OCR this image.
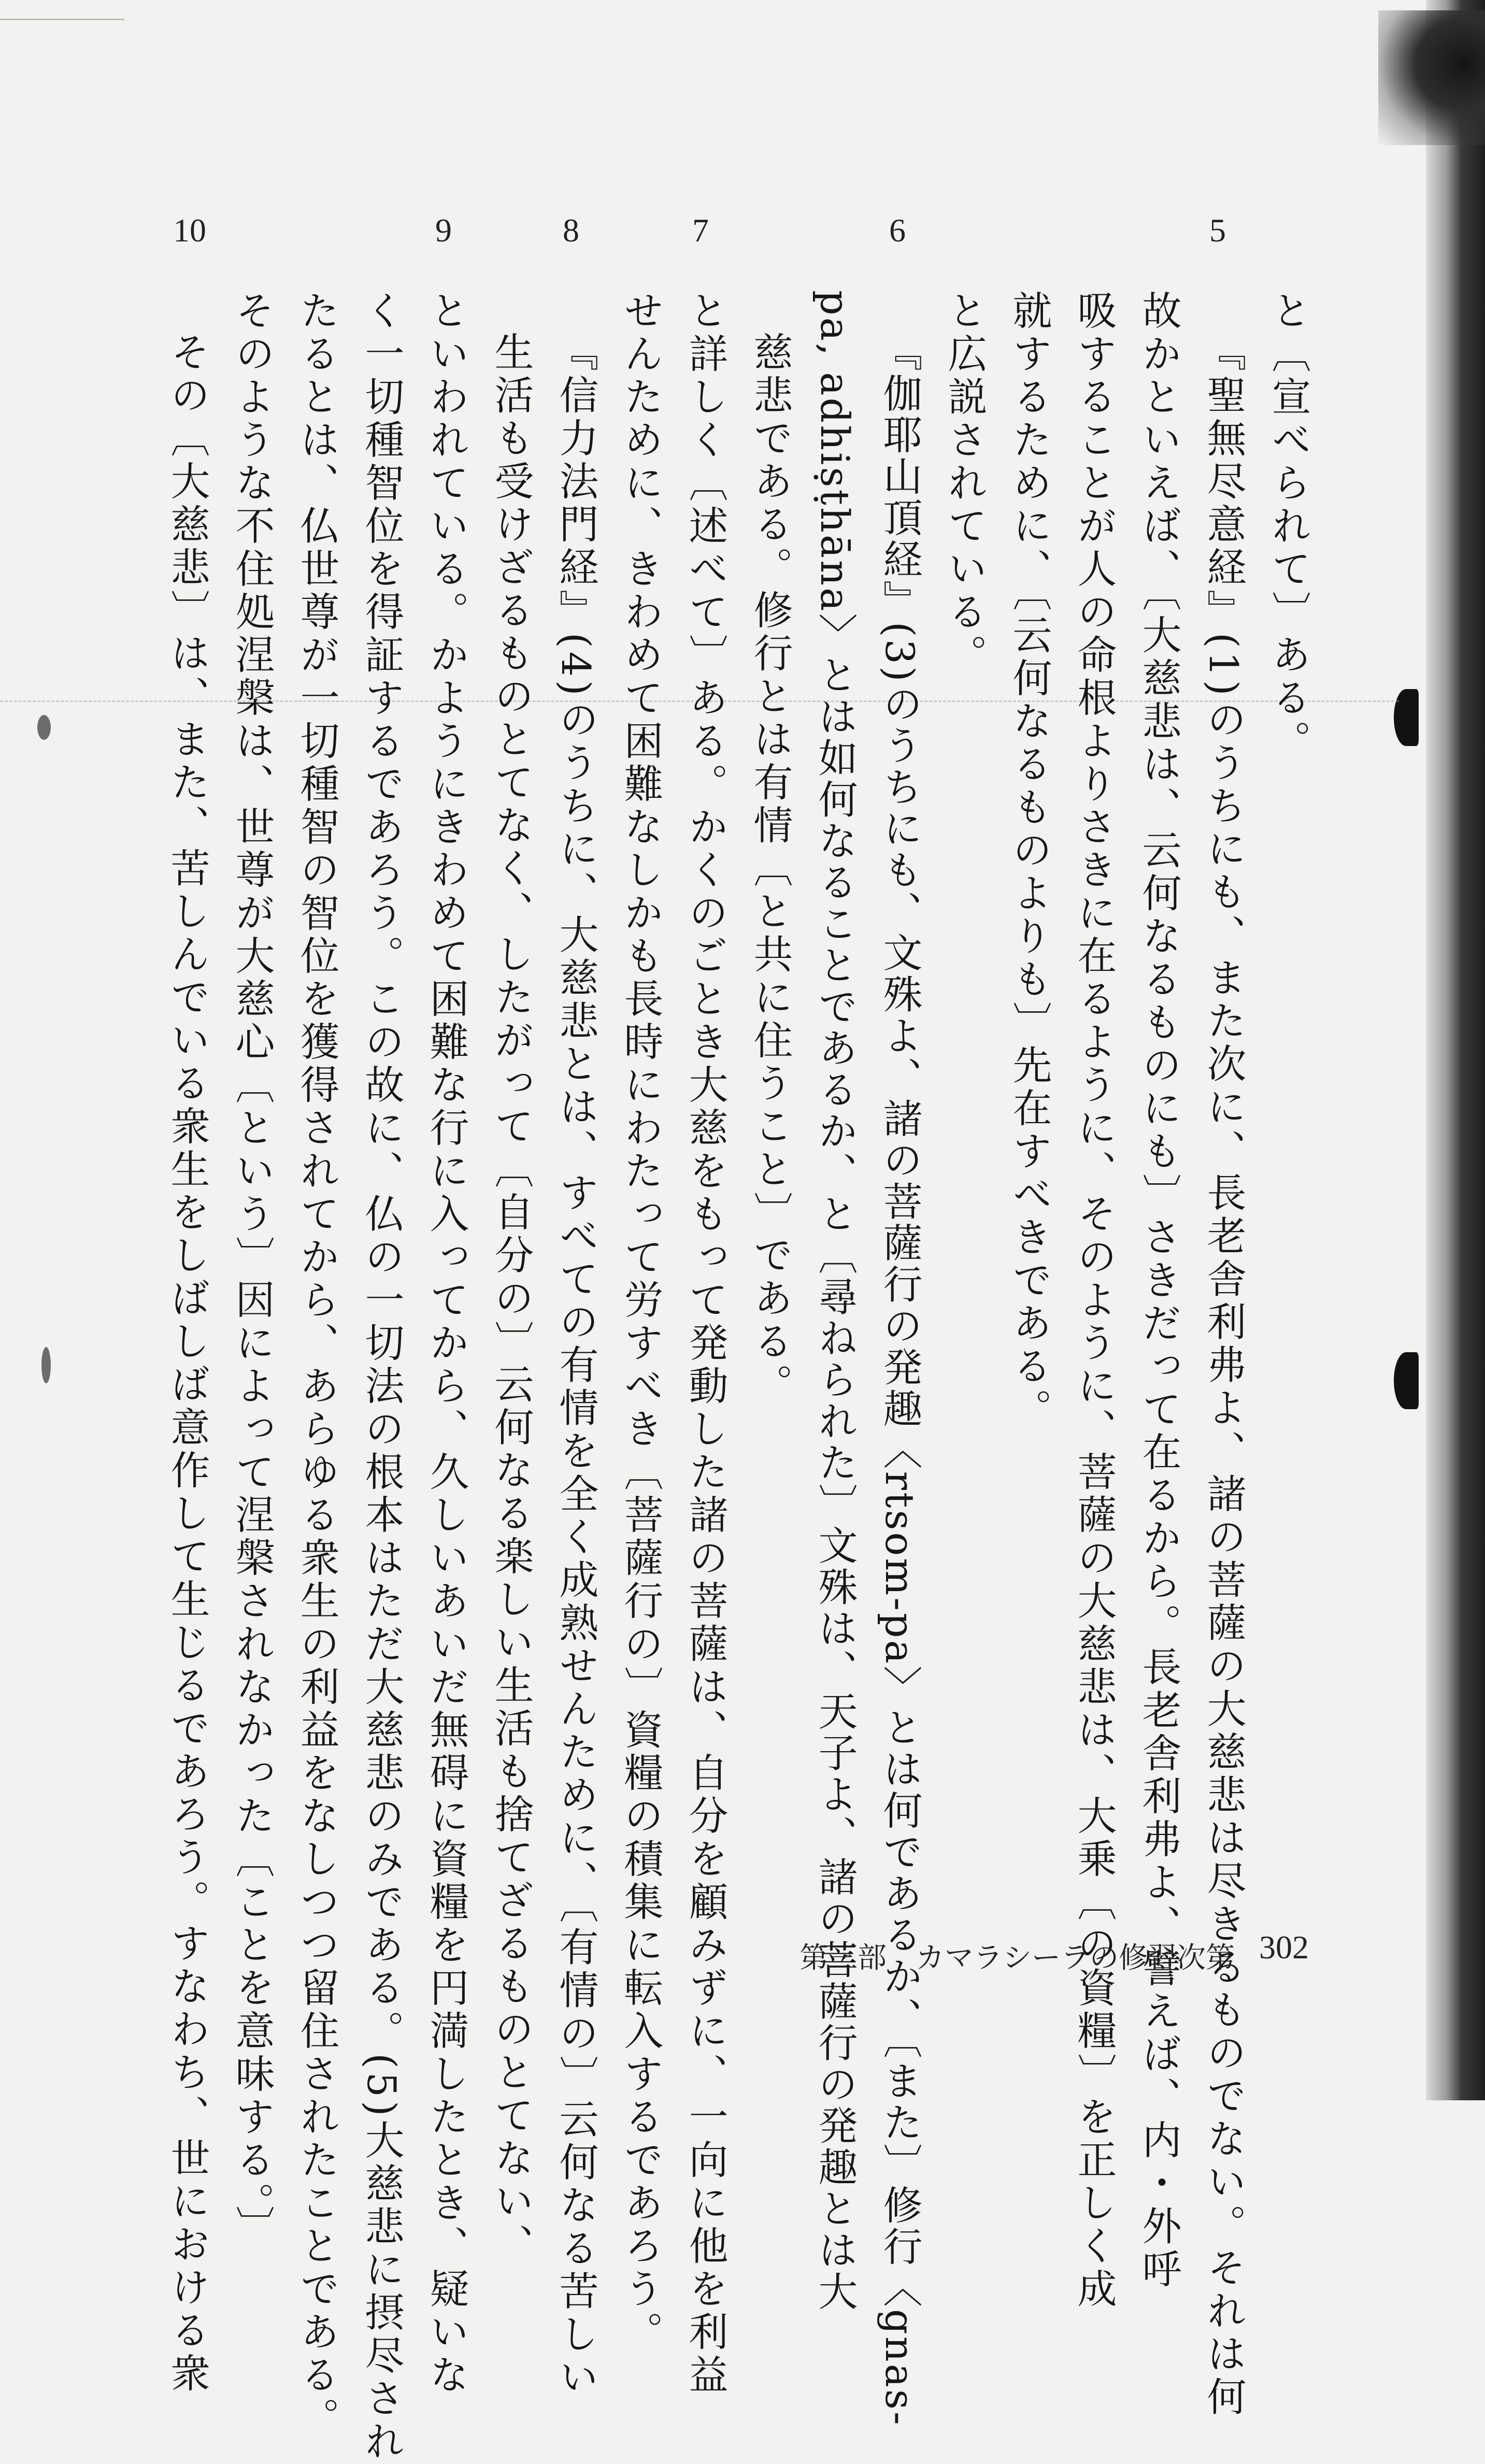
5
6
7
8
9
10
と〔宣べられて〕ある。
『聖無尽意経』(1)のうちにも、また次に、長老舎利弗よ、諸の菩薩の大慈悲は尽きるものでない。それは何
故かといえば、〔大慈悲は、云何なるものにも〕さきだって在るから。長老舎利弗よ、譬えば、内・外呼
吸することが人の命根よりさきに在るように、そのように、菩薩の大慈悲は、大乗〔の資糧〕を正しく成
就するために、〔云何なるものよりも〕先在すべきである。
と広説されている。
『伽耶山頂経』(3)のうちにも、文殊よ、諸の菩薩行の発趣〈rtsom-pa〉とは何であるか、〔また〕修行〈gnas-
pa, adhiṣṭhāna〉とは如何なることであるか、と〔尋ねられた〕文殊は、天子よ、諸の菩薩行の発趣とは大
慈悲である。修行とは有情〔と共に住うこと〕である。
と詳しく〔述べて〕ある。かくのごとき大慈をもって発動した諸の菩薩は、自分を顧みずに、一向に他を利益
せんために、きわめて困難なしかも長時にわたって労すべき〔菩薩行の〕資糧の積集に転入するであろう。
『信力法門経』(4)のうちに、大慈悲とは、すべての有情を全く成熟せんために、〔有情の〕云何なる苦しい
生活も受けざるものとてなく、したがって〔自分の〕云何なる楽しい生活も捨てざるものとてない、
といわれている。かようにきわめて困難な行に入ってから、久しいあいだ無碍に資糧を円満したとき、疑いな
く一切種智位を得証するであろう。この故に、仏の一切法の根本はただ大慈悲のみである。(5)大慈悲に摂尽され
たるとは、仏世尊が一切種智の智位を獲得されてから、あらゆる衆生の利益をなしつつ留住されたことである。
そのような不住処涅槃は、世尊が大慈心〔という〕因によって涅槃されなかった〔ことを意味する。〕
その〔大慈悲〕は、また、苦しんでいる衆生をしばしば意作して生じるであろう。すなわち、世における衆	第三部　カマラシーラの修習次第 302
